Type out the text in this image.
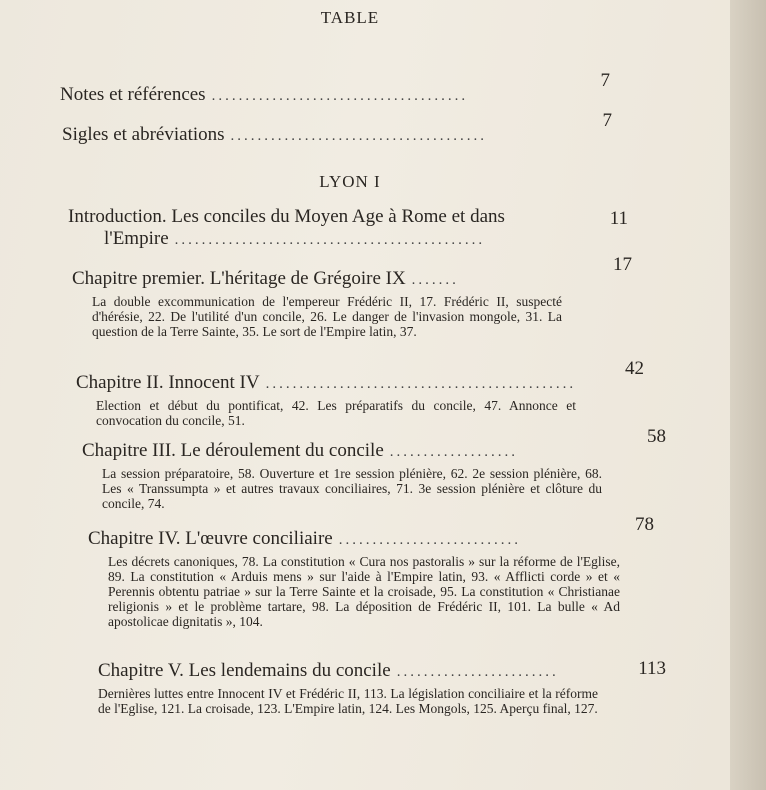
TABLE
Notes et références ......................................
7
Sigles et abréviations ......................................
7
LYON I
Introduction. Les conciles du Moyen Age à Rome et dans
l'Empire ..............................................
11
Chapitre premier. L'héritage de Grégoire IX .......
17
La double excommunication de l'empereur Frédéric II, 17. Frédéric II, suspecté d'hérésie, 22. De l'utilité d'un concile, 26. Le danger de l'invasion mongole, 31. La question de la Terre Sainte, 35. Le sort de l'Empire latin, 37.
Chapitre II. Innocent IV ..............................................
42
Election et début du pontificat, 42. Les préparatifs du concile, 47. Annonce et convocation du concile, 51.
Chapitre III. Le déroulement du concile ...................
58
La session préparatoire, 58. Ouverture et 1re session plénière, 62. 2e session plénière, 68. Les « Transsumpta » et autres travaux conciliaires, 71. 3e session plénière et clôture du concile, 74.
Chapitre IV. L'œuvre conciliaire ...........................
78
Les décrets canoniques, 78. La constitution « Cura nos pastoralis » sur la réforme de l'Eglise, 89. La constitution « Arduis mens » sur l'aide à l'Empire latin, 93. « Afflicti corde » et « Perennis obtentu patriae » sur la Terre Sainte et la croisade, 95. La constitution « Christianae religionis » et le problème tartare, 98. La déposition de Frédéric II, 101. La bulle « Ad apostolicae dignitatis », 104.
Chapitre V. Les lendemains du concile ........................	113
Dernières luttes entre Innocent IV et Frédéric II, 113. La législation conciliaire et la réforme de l'Eglise, 121. La croisade, 123. L'Empire latin, 124. Les Mongols, 125. Aperçu final, 127.
